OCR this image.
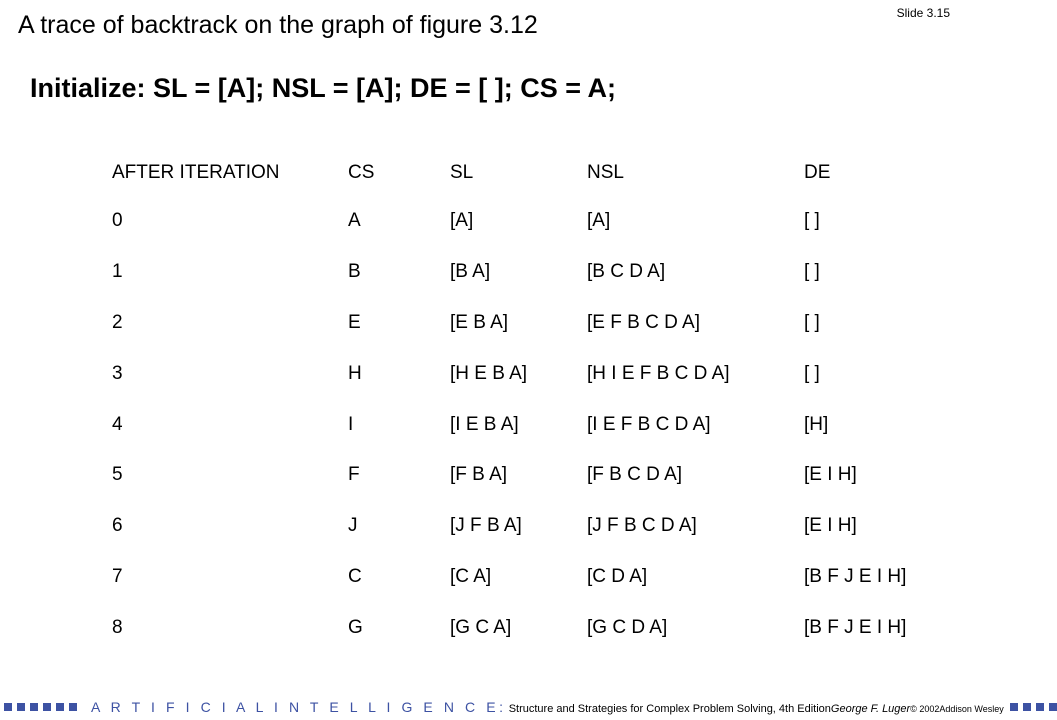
Slide 3.15
A trace of backtrack on the graph of figure 3.12
Initialize: SL = [A]; NSL = [A]; DE = [ ]; CS = A;
AFTER ITERATION	CS	SL	NSL	DE
0	A	[A]	[A]	[ ]
1	B	[B A]	[B C D A]	[ ]
2	E	[E B A]	[E F B C D A]	[ ]
3	H	[H E B A]	[H I E F B C D A]	[ ]
4	I	[I E B A]	[I E F B C D A]	[H]
5	F	[F B A]	[F B C D A]	[E I H]
6	J	[J F B A]	[J F B C D A]	[E I H]
7	C	[C A]	[C D A]	[B F J E I H]
8	G	[G C A]	[G C D A]	[B F J E I H]
A R T I F I C I A L I N T E L L I G E N C E: Structure and Strategies for Complex Problem Solving, 4th Edition George F. Luger © 2002 Addison Wesley
